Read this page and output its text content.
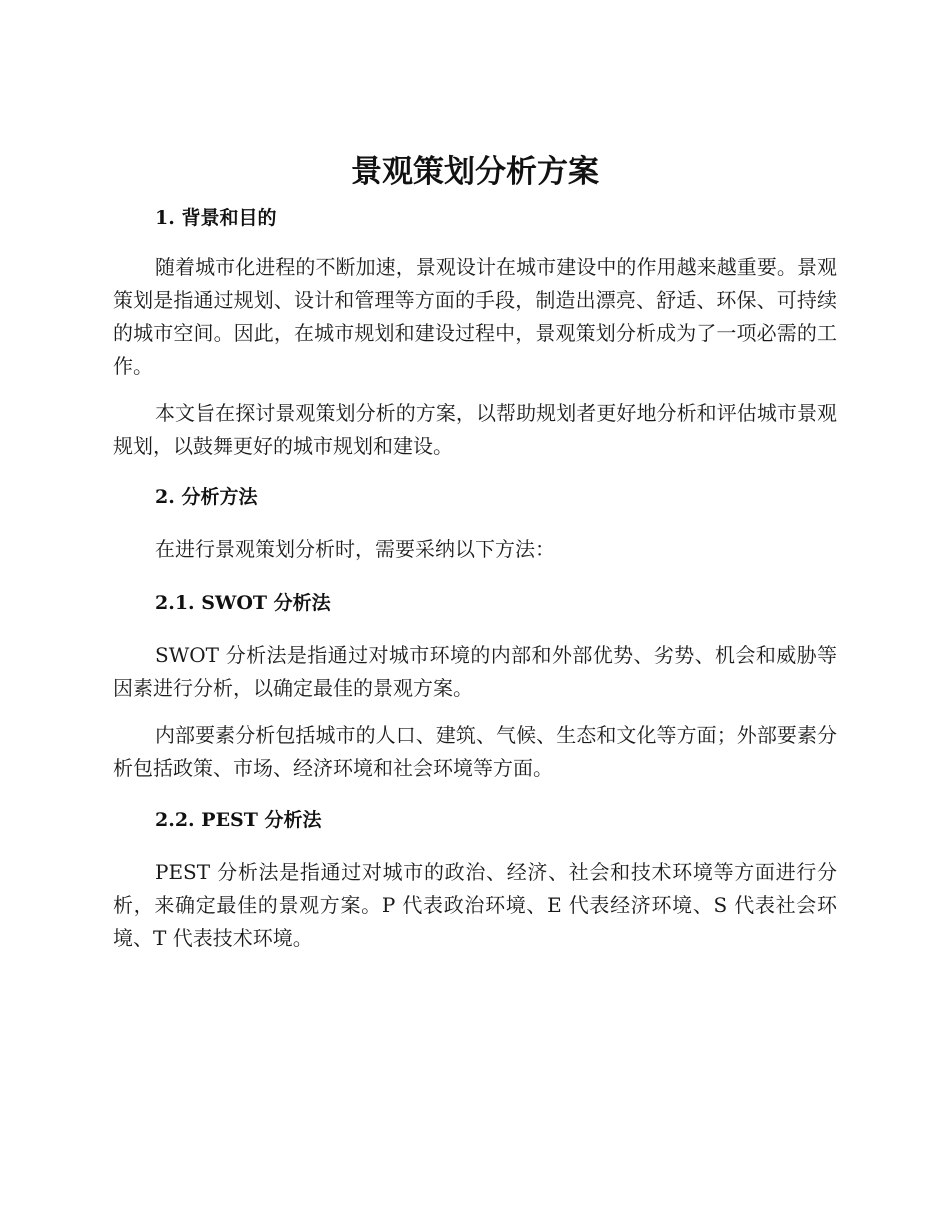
景观策划分析方案
1. 背景和目的

随着城市化进程的不断加速，景观设计在城市建设中的作用越来越重要。景观策划是指通过规划、设计和管理等方面的手段，制造出漂亮、舒适、环保、可持续的城市空间。因此，在城市规划和建设过程中，景观策划分析成为了一项必需的工作。

本文旨在探讨景观策划分析的方案，以帮助规划者更好地分析和评估城市景观规划，以鼓舞更好的城市规划和建设。

2. 分析方法

在进行景观策划分析时，需要采纳以下方法：

2.1. SWOT 分析法

SWOT 分析法是指通过对城市环境的内部和外部优势、劣势、机会和威胁等因素进行分析，以确定最佳的景观方案。

内部要素分析包括城市的人口、建筑、气候、生态和文化等方面；外部要素分析包括政策、市场、经济环境和社会环境等方面。

2.2. PEST 分析法

PEST 分析法是指通过对城市的政治、经济、社会和技术环境等方面进行分析，来确定最佳的景观方案。P 代表政治环境、E 代表经济环境、S 代表社会环境、T 代表技术环境。
